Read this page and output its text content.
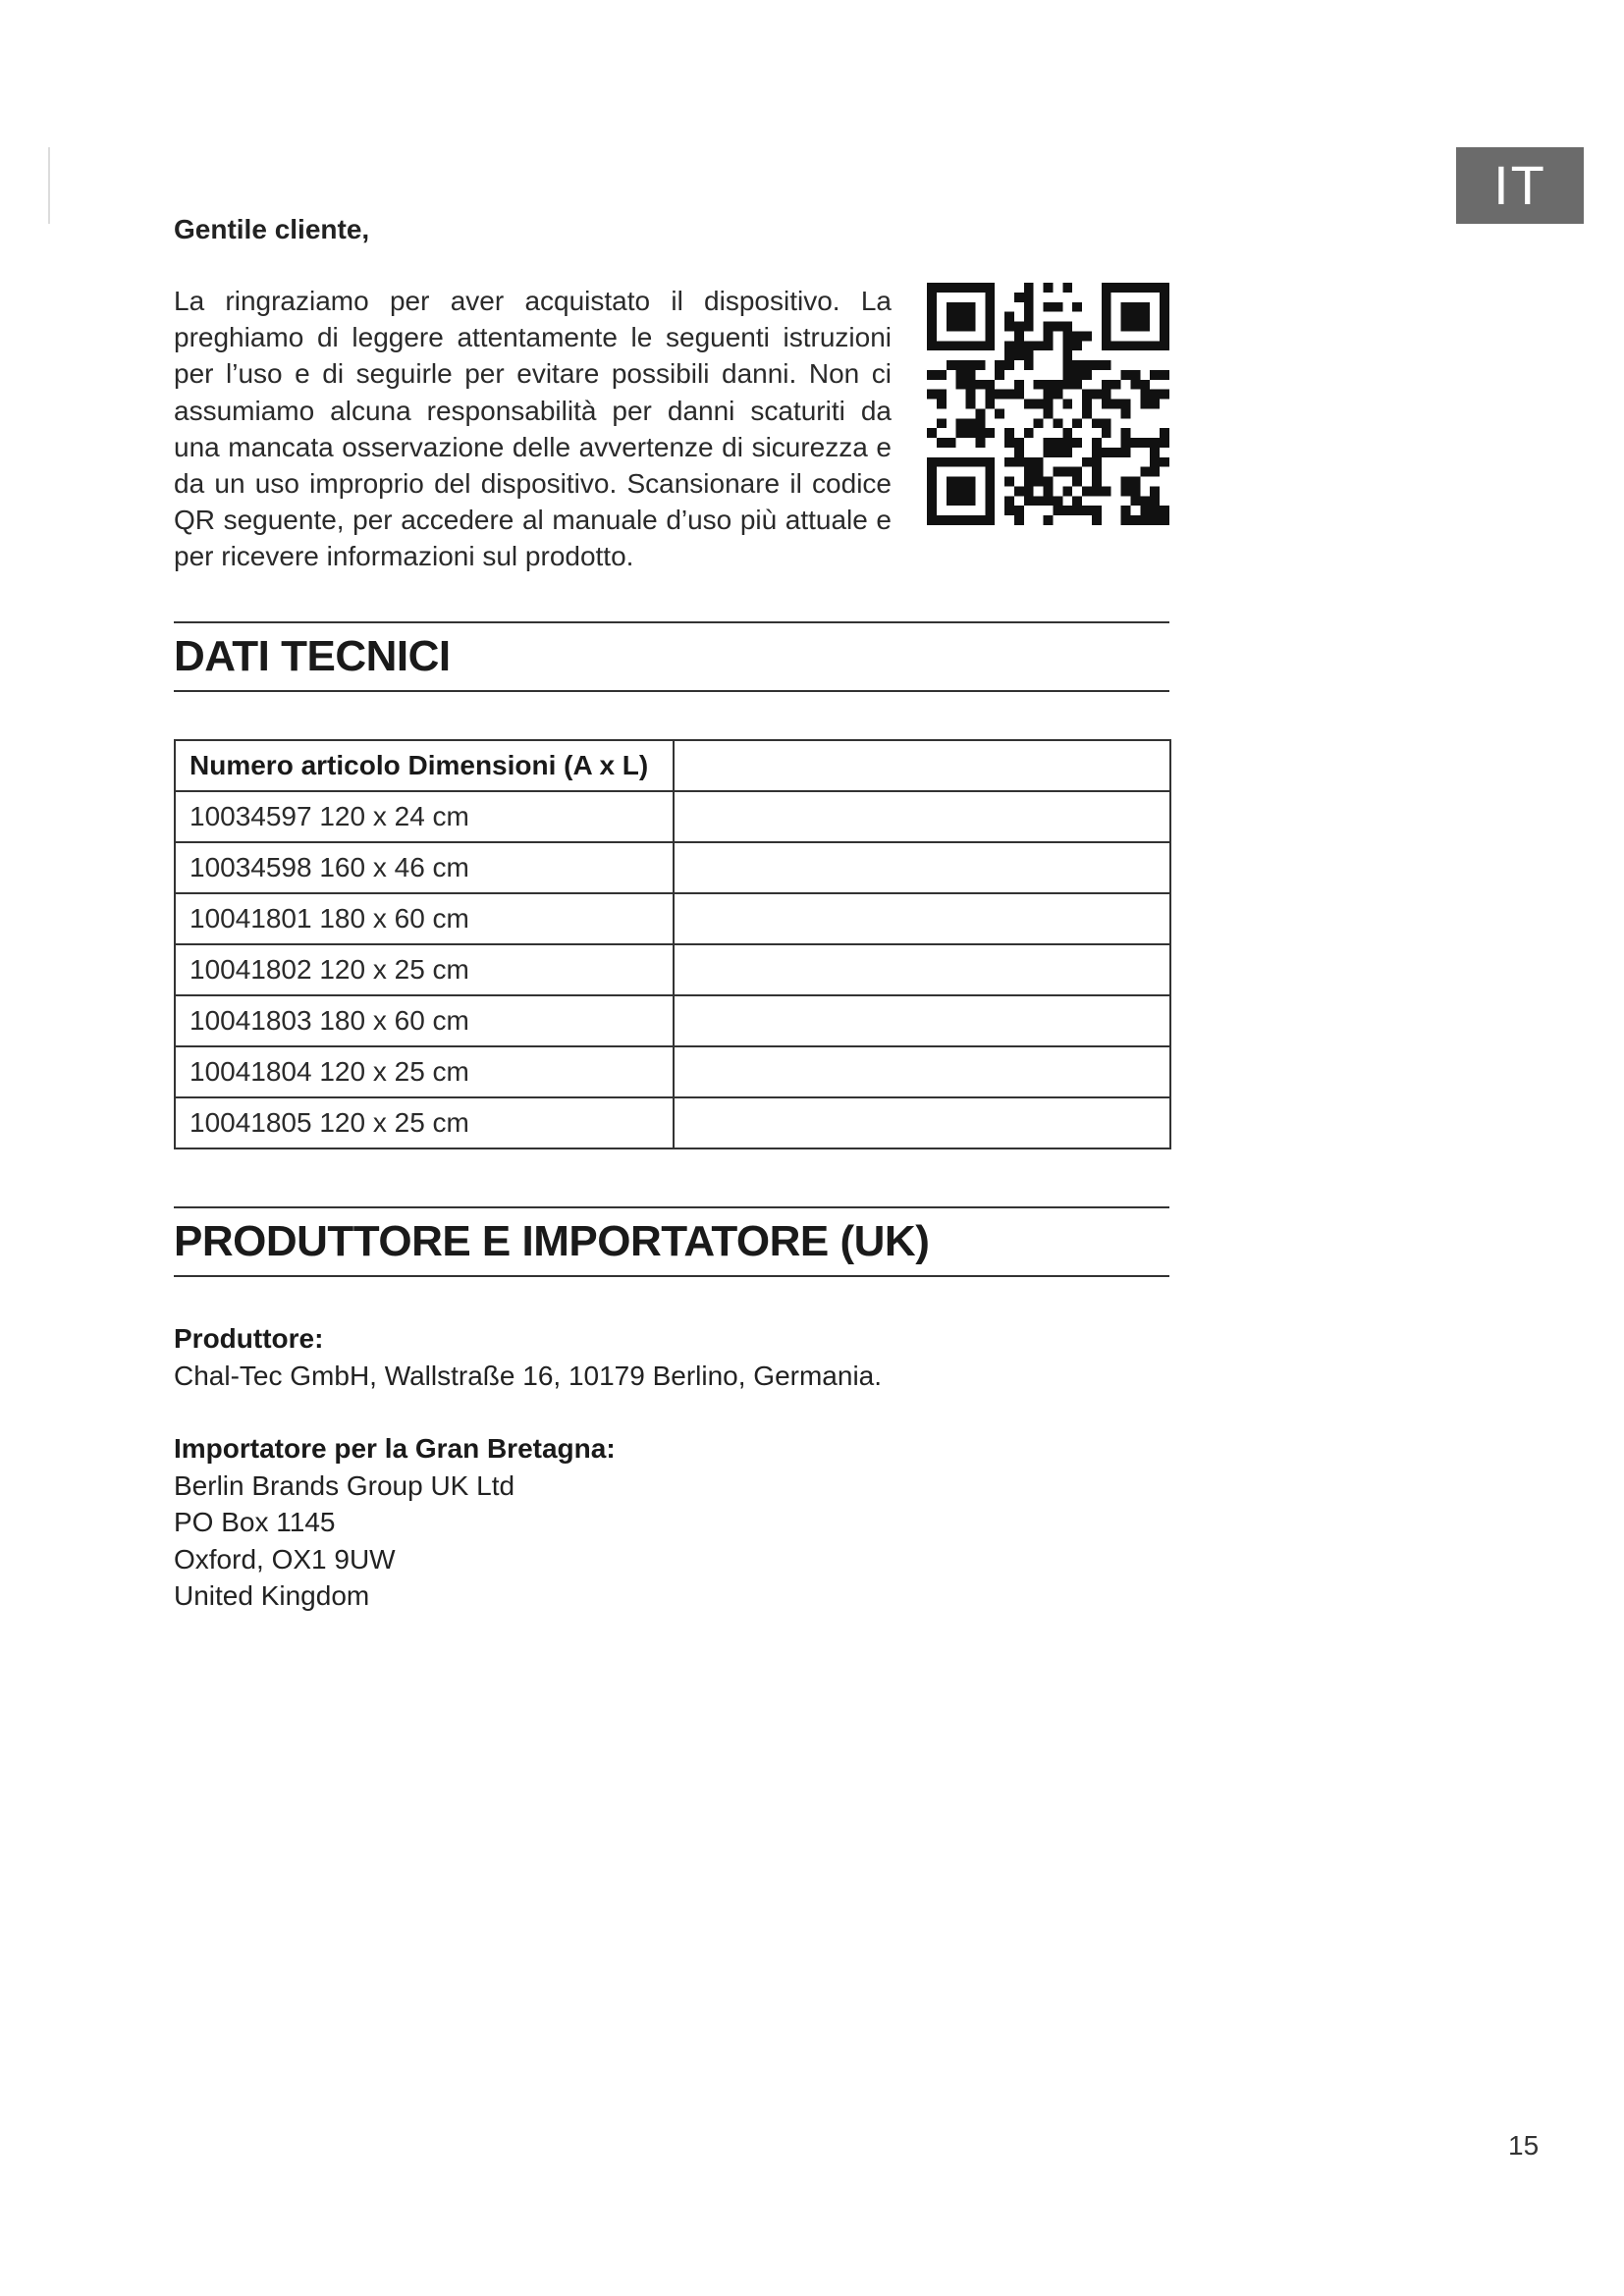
IT

Gentile cliente,

La ringraziamo per aver acquistato il dispositivo. La preghiamo di leggere attentamente le seguenti istruzioni per l’uso e di seguirle per evitare possibili danni. Non ci assumiamo alcuna responsabilità per danni scaturiti da una mancata osservazione delle avvertenze di sicurezza e da un uso improprio del dispositivo. Scansionare il codice QR seguente, per accedere al manuale d’uso più attuale e per ricevere informazioni sul prodotto.

DATI TECNICI
Numero articolo Dimensioni (A x L)	
10034597 120 x 24 cm	
10034598 160 x 46 cm	
10041801 180 x 60 cm	
10041802 120 x 25 cm	
10041803 180 x 60 cm	
10041804 120 x 25 cm	
10041805 120 x 25 cm	
PRODUTTORE E IMPORTATORE (UK)

Produttore:

Chal-Tec GmbH, Wallstraße 16, 10179 Berlino, Germania.

Importatore per la Gran Bretagna:

Berlin Brands Group UK Ltd

PO Box 1145

Oxford, OX1 9UW

United Kingdom

15
